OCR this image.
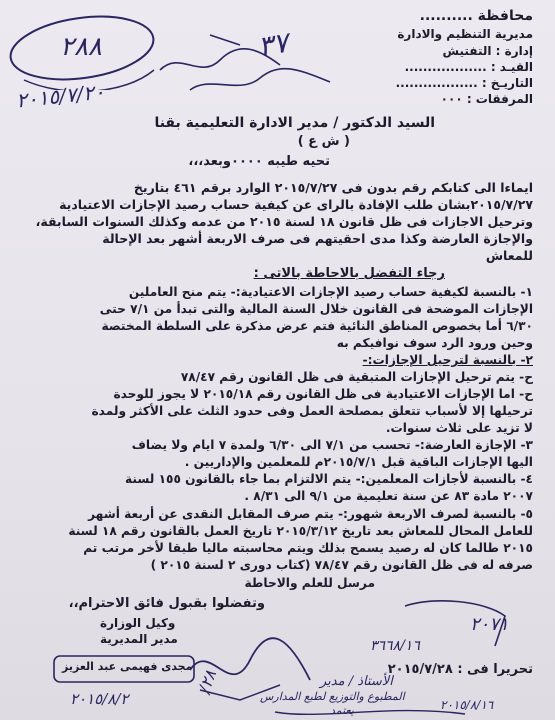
محافظة ..........
مديرية التنظيم والادارة
إدارة : التفتيش
القيـد : ..................
التاريـخ : ..................
المرفقات : ٠٠٠
٢٨٨
٢٠١٥/٧/٢٠
٣٧
السيد الدكتور / مدير الادارة التعليمية بقنا
( ش ع )
تحيه طيبه ٠٠٠٠وبعد،،،
ايماءا الى كتابكم رقم بدون فى ٢٠١٥/٧/٢٧ الوارد برقم ٤٦١ بتاريخ
٢٠١٥/٧/٢٧بشان طلب الإفادة بالراى عن كيفية حساب رصيد الإجازات الاعتيادية
وترحيل الاجازات فى ظل قانون ١٨ لسنة ٢٠١٥ من عدمه وكذلك السنوات السابقة،
والإجازة العارضة وكذا مدى احقيتهم فى صرف الاربعة أشهر بعد الإحالة
للمعاش
رجاء التفضل بالاحاطة بالاتى :
١- بالنسبة لكيفية حساب رصيد الإجازات الاعتيادية:- يتم منح العاملين
الإجازات الموضحة فى القانون خلال السنة المالية والتى تبدأ من ٧/١ حتى
٦/٣٠ أما بخصوص المناطق النائية فتم عرض مذكرة على السلطة المختصة
وحين ورود الرد سوف نوافيكم به
٢- بالنسبة لترحيل الإجازات:-
ح- يتم ترحيل الإجازات المتبقية فى ظل القانون رقم ٧٨/٤٧
ح- اما الإجازات الاعتيادية فى ظل القانون رقم ٢٠١٥/١٨ لا يجوز للوحدة
ترحيلها إلا لأسباب تتعلق بمصلحة العمل وفى حدود الثلث على الأكثر ولمدة
لا تزيد على ثلاث سنوات.
٣- الإجازة العارضة:- تحسب من ٧/١ الى ٦/٣٠ ولمدة ٧ ايام ولا يضاف
اليها الإجازات الباقية قبل ٢٠١٥/٧/١م للمعلمين والإداريين .
٤- بالنسبة لأجازات المعلمين:- يتم الالتزام بما جاء بالقانون ١٥٥ لسنة
٢٠٠٧ مادة ٨٣ عن سنة تعليمية من ٩/١ الى ٨/٣١ .
٥- بالنسبة لصرف الاربعة شهور:- يتم صرف المقابل النقدى عن أربعة أشهر
للعامل المحال للمعاش بعد تاريخ ٢٠١٥/٣/١٢ تاريخ العمل بالقانون رقم ١٨ لسنة
٢٠١٥ طالما كان له رصيد يسمح بذلك ويتم محاسبته ماليا طبقا لأخر مرتب تم
صرفه له فى ظل القانون رقم ٧٨/٤٧ (كتاب دورى ٢ لسنة ٢٠١٥ )
مرسل للعلم والاحاطة
وتفضلوا بقبول فائق الاحترام،،
وكيل الوزارة
مدير المديرية
مجدى فهيمى عبد العزيز
٢٠١٥/٨/٢
/٢٨
٢٠٧١
٣٦٦٨/١٦
تحريرا فى : ٢٠١٥/٧/٢٨
الأستاذ / مدير
المطبوع والتوزيع لطبع المدارس
يعتمد	٢٠١٥/٨/١٦
